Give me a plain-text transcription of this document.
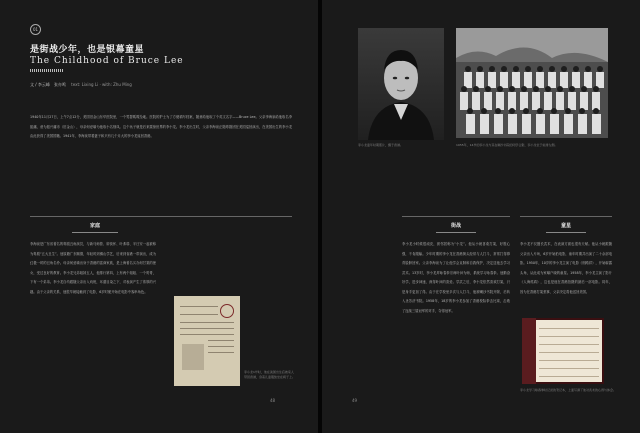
01
是街战少年，也是银幕童星
The Childhood of Bruce Lee
文 / 李云峰　张亦鸣 text: Lixing Li · with: Zhu Ming
1940年11月27日，上午7点12分，美国旧金山东华医院里，一个男婴呱呱坠地。医院的护士为了方便填写档案，随意给他取了个英文名字——Bruce Lee。父亲李海泉给他取名李振藩，意为振兴藩市（旧金山），母亲何爱瑜为他取小名细凤。这个孩子就是后来震惊世界的李小龙。李小龙出生时，父亲李海泉正随粤剧团在美国巡回演出，在美国出生的李小龙由此获得了美国国籍。1941年，李海泉带着妻子和只有几个月大的李小龙返回香港。
家庭
李海泉是广东省著名的粤剧丑角演员，与新马师曾、廖侠怀、叶弗弱、半日安一起被称为粤剧“五大丑生”。他原籍广东顺德，年轻时到佛山学艺，后来到省港一带演出，成为红极一时的丑角名伶。母亲何爱瑜出身于香港的富商家族，是上海著名买办何甘棠的侄女，受过良好的教育。李小龙兄弟姐妹五人，他排行第四，上有两个姐姐、一个哥哥，下有一个弟弟。李小龙自幼跟随父亲出入戏班，耳濡目染之下，对表演产生了浓厚的兴趣。由于父亲的关系，他很早就接触到了电影，6岁时便开始在电影中客串角色。
李小龙1岁时，他在美国出生后被家人带回香港，身着儿童服装坐在椅子上。
48
李小龙童年时期照片，摄于香港。	1955年，14岁的李小龙与其在喇沙书院的同学合影，李小龙位于前排左侧。
街战
李小龙小时候很顽皮，被邻居称为“小龙”。他从小就喜欢打架，好胜心强，不肯服输。少年时期的李小龙在香港街头经常与人打斗，常常打得鼻青脸肿回家。父亲李海泉为了让他学会克制和自我保护，决定送他去学习武术。13岁时，李小龙拜咏春拳宗师叶问为师，系统学习咏春拳。他勤奋好学，进步神速，深得叶问的喜爱。学武之后，李小龙依然喜欢打架，只是身手更加了得。由于在学校里多次与人打斗，他被喇沙书院开除，后转入圣芳济书院。1958年，18岁的李小龙参加了香港校际拳击比赛，击败了连续三届冠军的对手，夺得冠军。
童星
李小龙不仅擅长武术，在表演方面也很有天赋。他从小就跟随父亲出入片场，6岁开始拍电影，童年时期共出演了二十余部电影。1950年，10岁的李小龙主演了电影《细路祥》，开始崭露头角，从此成为家喻户晓的童星。1958年，李小龙主演了影片《人海孤鸿》，这也是他在香港拍摄的最后一部电影。同年，因为在香港打架惹事，父亲决定将他送回美国。
李小龙学习咏春拳时记录的笔记本，上面写满了他对武术的心得与体会。
49
